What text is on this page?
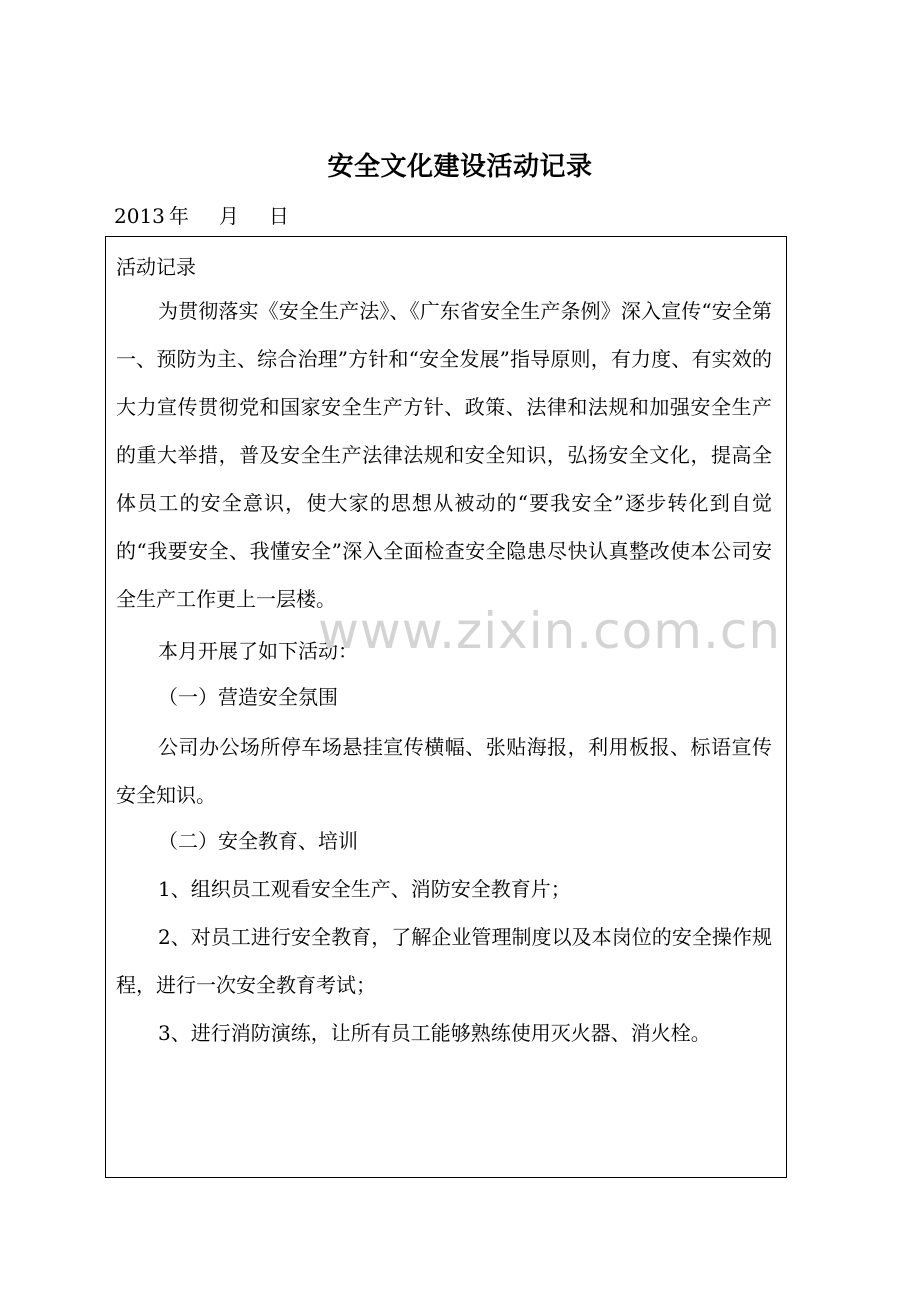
安全文化建设活动记录
2013 年 月 日
活动记录
为贯彻落实《安全生产法》、《广东省安全生产条例》深入宣传“安全第一、预防为主、综合治理”方针和“安全发展”指导原则，有力度、有实效的大力宣传贯彻党和国家安全生产方针、政策、法律和法规和加强安全生产的重大举措，普及安全生产法律法规和安全知识，弘扬安全文化，提高全体员工的安全意识，使大家的思想从被动的“要我安全”逐步转化到自觉的“我要安全、我懂安全”深入全面检查安全隐患尽快认真整改使本公司安全生产工作更上一层楼。
本月开展了如下活动：
（一）营造安全氛围
公司办公场所停车场悬挂宣传横幅、张贴海报，利用板报、标语宣传安全知识。
（二）安全教育、培训
1、组织员工观看安全生产、消防安全教育片；
2、对员工进行安全教育，了解企业管理制度以及本岗位的安全操作规程，进行一次安全教育考试；
3、进行消防演练，让所有员工能够熟练使用灭火器、消火栓。
www.zixin.com.cn
